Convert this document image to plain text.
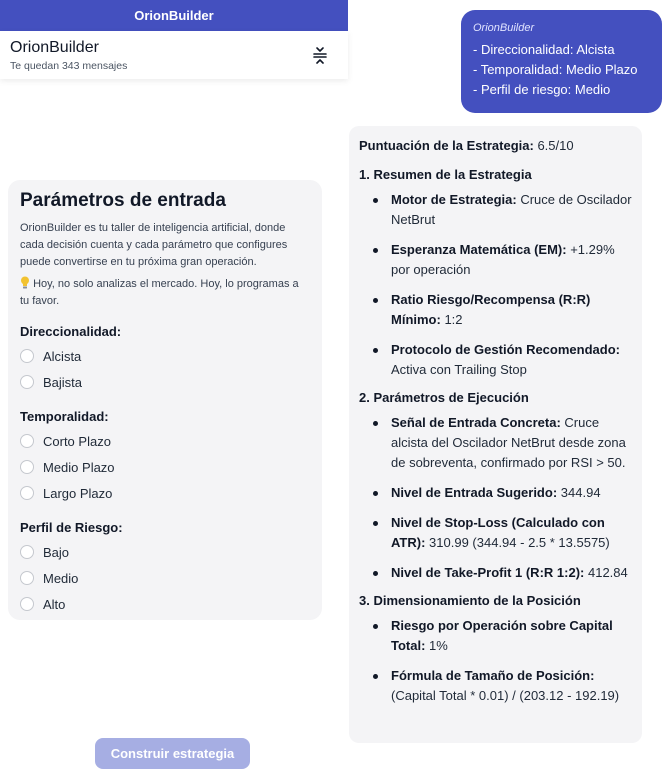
OrionBuilder
OrionBuilder
Te quedan 343 mensajes
Parámetros de entrada

OrionBuilder es tu taller de inteligencia artificial, donde cada decisión cuenta y cada parámetro que configures puede convertirse en tu próxima gran operación.

Hoy, no solo analizas el mercado. Hoy, lo programas a tu favor.

Direccionalidad:
Alcista
Bajista
Temporalidad:
Corto Plazo
Medio Plazo
Largo Plazo
Perfil de Riesgo:
Bajo
Medio
Alto
Construir estrategia
OrionBuilder
- Direccionalidad: Alcista
- Temporalidad: Medio Plazo
- Perfil de riesgo: Medio
Puntuación de la Estrategia: 6.5/10
1. Resumen de la Estrategia
Motor de Estrategia: Cruce de Oscilador NetBrut
Esperanza Matemática (EM): +1.29% por operación
Ratio Riesgo/Recompensa (R:R) Mínimo: 1:2
Protocolo de Gestión Recomendado: Activa con Trailing Stop
2. Parámetros de Ejecución
Señal de Entrada Concreta: Cruce alcista del Oscilador NetBrut desde zona de sobreventa, confirmado por RSI > 50.
Nivel de Entrada Sugerido: 344.94
Nivel de Stop-Loss (Calculado con ATR): 310.99 (344.94 - 2.5 * 13.5575)
Nivel de Take-Profit 1 (R:R 1:2): 412.84
3. Dimensionamiento de la Posición
Riesgo por Operación sobre Capital Total: 1%
Fórmula de Tamaño de Posición: (Capital Total * 0.01) / (203.12 - 192.19)
